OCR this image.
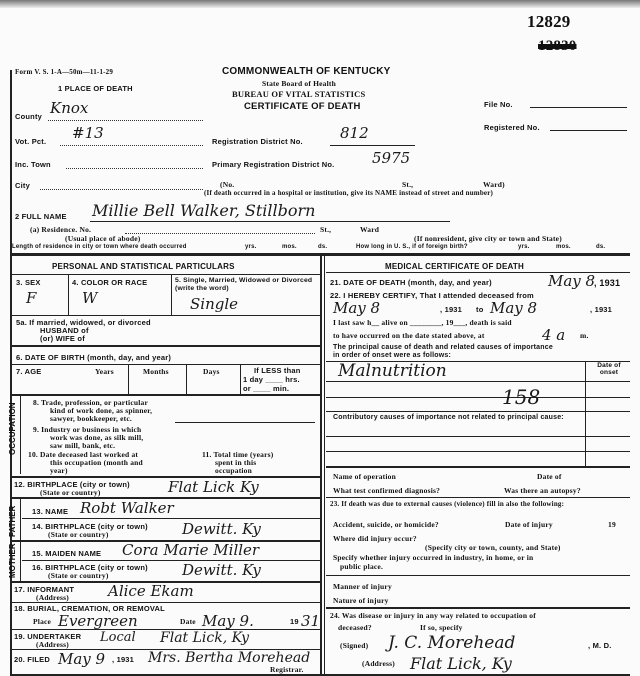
12829
12830
Form V. S. 1-A—50m—11-1-29
1 PLACE OF DEATH
COMMONWEALTH OF KENTUCKY
State Board of Health
BUREAU OF VITAL STATISTICS
CERTIFICATE OF DEATH
County Knox
Vot. Pct. #13
Inc. Town
City	(No.	St.,	Ward)
(If death occurred in a hospital or institution, give its NAME instead of street and number)
Registration District No. 812
Primary Registration District No.	5975
File No.
Registered No.
2 FULL NAME Millie Bell Walker, Stillborn
(a) Residence. No.
(Usual place of abode)
St.,	Ward
(If nonresident, give city or town and State)
Length of residence in city or town where death occurred	yrs.	mos.	ds.	How long in U. S., if of foreign birth?	yrs.	mos.	ds.
PERSONAL AND STATISTICAL PARTICULARS
3. SEX
F
4. COLOR OR RACE
W
5. Single, Married, Widowed or Divorced (write the word)
Single
5a. If married, widowed, or divorced
HUSBAND of
(or) WIFE of
6. DATE OF BIRTH (month, day, and year)
7. AGE	Years	Months	Days	If LESS than
1 day ____ hrs.
or ____ min.
OCCUPATION 8. Trade, profession, or particular
kind of work done, as spinner,
sawyer, bookkeeper, etc.
9. Industry or business in which
work was done, as silk mill,
saw mill, bank, etc.
10. Date deceased last worked at
this occupation (month and
year)
11. Total time (years)
spent in this
occupation
12. BIRTHPLACE (city or town)
(State or country)	Flat Lick Ky
FATHER
MOTHER
13. NAME Robt Walker
14. BIRTHPLACE (city or town)
(State or country)	Dewitt. Ky
15. MAIDEN NAME Cora Marie Miller
16. BIRTHPLACE (city or town)
(State or country)	Dewitt. Ky
17. INFORMANT
(Address)	Alice Ekam
18. BURIAL, CREMATION, OR REMOVAL
Place Evergreen	Date May 9.	19 31
19. UNDERTAKER
(Address) Local Flat Lick, Ky
20. FILED May 9 , 1931 Mrs. Bertha Morehead
Registrar.
MEDICAL CERTIFICATE OF DEATH
21. DATE OF DEATH (month, day, and year)	May 8
, 1931
22. I HEREBY CERTIFY, That I attended deceased from
May 8	, 1931 to May 8	, 1931
I last saw h__ alive on ________, 19___, death is said
to have occurred on the date stated above, at	4 a m.
The principal cause of death and related causes of importance
in order of onset were as follows:
Date of onset
Malnutrition
158
Contributory causes of importance not related to principal cause:
Name of operation	Date of
What test confirmed diagnosis?	Was there an autopsy?
23. If death was due to external causes (violence) fill in also the following:
Accident, suicide, or homicide?	Date of injury	19
Where did injury occur?
(Specify city or town, county, and State)
Specify whether injury occurred in industry, in home, or in
public place.
Manner of injury
Nature of injury
24. Was disease or injury in any way related to occupation of
deceased?	If so, specify
(Signed) J. C. Morehead	, M. D.
(Address) Flat Lick, Ky
